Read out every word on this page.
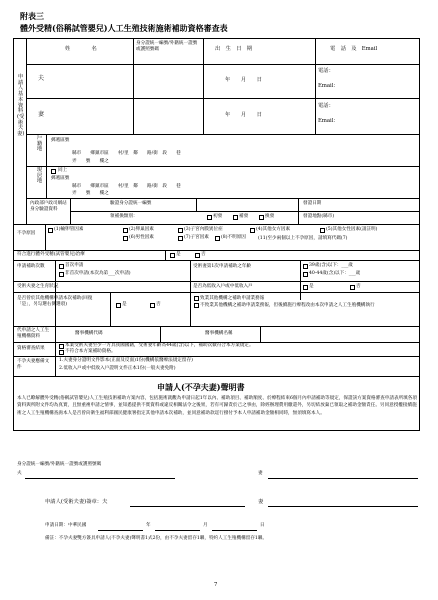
附表三
體外受精(俗稱試管嬰兒)人工生殖技術施術補助資格審查表
申請人基本資料(受術夫妻)
姓　　　　名
身分證統一編號/外籍統一證號或護照號碼	出　生　日　期	電　話　及　Email
夫	年　　月　　日
電話：
Email：
妻	年　　月　　日
電話：
Email：
戶籍地
郵遞區號
縣市　　鄉鎮市區　　村/里　鄰　　路/街　段　　巷
弄　　號　　樓之
現居地
同上
郵遞區號
縣市　　鄉鎮市區　　村/里　鄰　　路/街　段　　巷
弄　　號　　樓之
內政部戶政司網站身分驗證資料
驗證身分證統一編號	發證日期
領補換類別：	初發	補發	換發	發證地點(縣市)
不孕原因
(1)輸卵管因素	(2)卵巢因素	(3)子宮內膜異位症	(4)其他女方因素	(5)其他女性因素(請註明)
(6)男性因素	(7)子宮因素	(8)不明原因	(11)至少兩個以上不孕原因，請填寫代碼(7)
符合進行體外受精(試管嬰兒)治療	是	否
申請補助次數	首次申請
非首次申請(本次為第___次申請)
受術妻第1次申請補助之年齡	39歲(含)以下：___歲
40-44歲(含)以下：___歲
受術夫妻之生育狀況	是否為低收入戶或中低收入戶	是	否
是否曾於其他機構申請本次補助(回復「是」，另勾選右側選項)	是	否
致業其他機構之補助申請業務報
不致業其他機構之補助申請業務報，但後續施行療程改由本次申請之人工生殖機構執行
代申請之人工生殖機構資料
醫事機構代碼	醫事機構名稱
資格審查結果
本案受術夫妻至少一方具我國國籍，受術妻年齡為44歲(含)以下，補助次數符合本方案規定。
不符合本方案補助資格。
不孕夫妻應備文件
1.夫妻身分證明文件影本(正面及反面)1份(機構依醫療法規定留存)
2.低收入戶或中低收入戶證明文件正本1份(一般夫妻免附)
申請人(不孕夫妻)聲明書
本人已瞭解體外受精(俗稱試管嬰兒)人工生殖技術補助方案內容，包括施術就觀為申請日起1年以內、補助項目、補助額度、於療程結束6個月內申請補助等規定，保證該方案資格審查申請表所填各項資料與所附文件均為真實，且無重複申請之情事，並知悉提供不實資料或違反相關法令之後果，若有可歸責於己之事由，除經辦理費用繳還外，另切結放棄已領取之補助金額責任。另同意授權接續施術之人工生殖機構查詢本人是否曾向衛生福利部國民健康署指定其他申請本次補助，並同意補助款逕行撥付予本人申請補助金額相同時，無須填寫本人。
身分證統一編號/外籍統一證號或護照號碼
夫	妻
申請人(受術夫妻)簽章：夫	妻
申請日期：中華民國	年	月	日
備註：不孕夫妻雙方簽具申請人(不孕夫妻)聲明書1式2份，由不孕夫妻留存1聯，特約人工生殖機構留存1聯。
7
